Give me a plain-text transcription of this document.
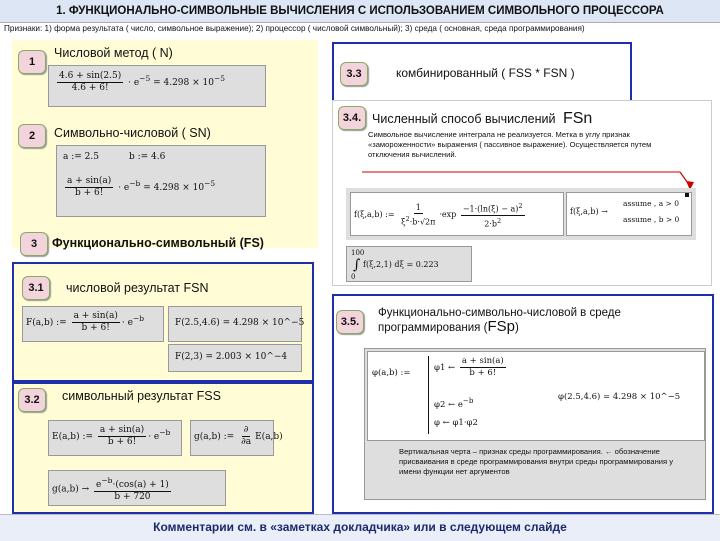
1. ФУНКЦИОНАЛЬНО-СИМВОЛЬНЫЕ ВЫЧИСЛЕНИЯ С ИСПОЛЬЗОВАНИЕМ СИМВОЛЬНОГО ПРОЦЕССОРА
Признаки: 1) форма результата ( число, символьное выражение); 2) процессор ( числовой символьный); 3) среда ( основная, среда программирования)
1
Числовой метод ( N)
$\frac{4.6 + \sin(2.5)}{4.6 + 6!} \cdot e^{-5} = 4.298 \times 10^{-5}$
2	Символьно-числовой ( SN)
a := 2.5	b := 4.6
$\frac{a + \sin(a)}{b + 6!} \cdot e^{-b} = 4.298 \times 10^{-5}$
3	Функционально-символьный (FS)
3.1	числовой результат FSN
F(a,b) := $\frac{a + \sin(a)}{b + 6!} \cdot e^{-b}$	F(2.5,4.6) = 4.298 × 10^−5
F(2,3) = 2.003 × 10^−4
3.2	символьный результат FSS
E(a,b) := $\frac{a + \sin(a)}{b + 6!} \cdot e^{-b}$	g(a,b) := $\frac{\partial}{\partial a} E(a,b)$
$g(a,b) \to \frac{e^{-b}\cdot(\cos(a) + 1)}{b + 720}$
3.3	комбинированный ( FSS * FSN )
3.4. Численный способ вычислений FSn
Символьное вычисление интеграла не реализуется. Метка в углу признак «замороженности» выражения ( пассивное выражение). Осуществляется путем отключения вычислений.
f(ξ,a,b) := $\frac{1}{\xi^2\cdot b\cdot√2\pi} \cdot\exp \frac{-1\cdot(\ln(\xi) - a)^2}{2\cdot b^2}$	f(ξ,a,b) →
assume , a > 0
assume , b > 0
100
∫
0
f(ξ,2,1) dξ = 0.223
3.5.
Функционально-символьно-числовой в среде программирования (FSp)
φ(a,b) :=	φ1 ← $\frac{a + \sin(a)}{b + 6!}$
φ2 ← $e^{-b}$
φ ← φ1·φ2
φ(2.5,4.6) = 4.298 × 10^−5
Вертикальная черта – признак среды программирования. ← обозначение присваивания в среде программирования внутри среды программирования у имени функции нет аргументов
Комментарии см. в «заметках докладчика» или в следующем слайде
